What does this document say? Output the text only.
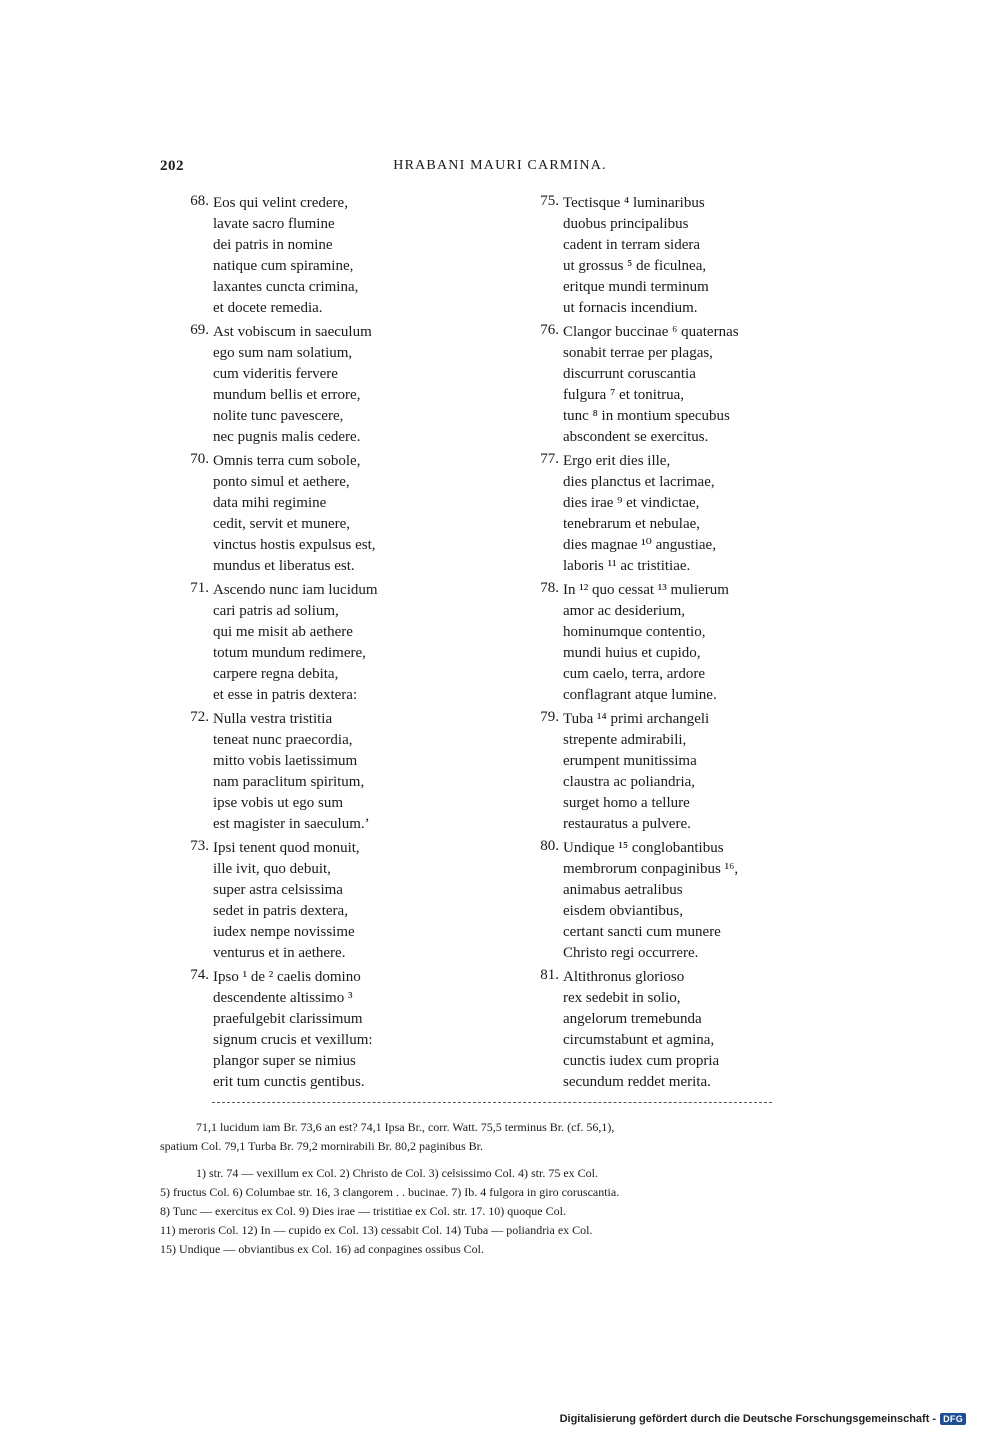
202	HRABANI MAURI CARMINA.
68. Eos qui velint credere,
lavate sacro flumine
dei patris in nomine
natique cum spiramine,
laxantes cuncta crimina,
et docete remedia.
69. Ast vobiscum in saeculum
ego sum nam solatium,
cum videritis fervere
mundum bellis et errore,
nolite tunc pavescere,
nec pugnis malis cedere.
70. Omnis terra cum sobole,
ponto simul et aethere,
data mihi regimine
cedit, servit et munere,
vinctus hostis expulsus est,
mundus et liberatus est.
71. Ascendo nunc iam lucidum
cari patris ad solium,
qui me misit ab aethere
totum mundum redimere,
carpere regna debita,
et esse in patris dextera:
72. Nulla vestra tristitia
teneat nunc praecordia,
mitto vobis laetissimum
nam paraclitum spiritum,
ipse vobis ut ego sum
est magister in saeculum.’
73. Ipsi tenent quod monuit,
ille ivit, quo debuit,
super astra celsissima
sedet in patris dextera,
iudex nempe novissime
venturus et in aethere.
74. Ipso ¹ de ² caelis domino
descendente altissimo ³
praefulgebit clarissimum
signum crucis et vexillum:
plangor super se nimius
erit tum cunctis gentibus.
75. Tectisque ⁴ luminaribus
duobus principalibus
cadent in terram sidera
ut grossus ⁵ de ficulnea,
eritque mundi terminum
ut fornacis incendium.
76. Clangor buccinae ⁶ quaternas
sonabit terrae per plagas,
discurrunt coruscantia
fulgura ⁷ et tonitrua,
tunc ⁸ in montium specubus
abscondent se exercitus.
77. Ergo erit dies ille,
dies planctus et lacrimae,
dies irae ⁹ et vindictae,
tenebrarum et nebulae,
dies magnae ¹⁰ angustiae,
laboris ¹¹ ac tristitiae.
78. In ¹² quo cessat ¹³ mulierum
amor ac desiderium,
hominumque contentio,
mundi huius et cupido,
cum caelo, terra, ardore
conflagrant atque lumine.
79. Tuba ¹⁴ primi archangeli
strepente admirabili,
erumpent munitissima
claustra ac poliandria,
surget homo a tellure
restauratus a pulvere.
80. Undique ¹⁵ conglobantibus
membrorum conpaginibus ¹⁶,
animabus aetralibus
eisdem obviantibus,
certant sancti cum munere
Christo regi occurrere.
81. Altithronus glorioso
rex sedebit in solio,
angelorum tremebunda
circumstabunt et agmina,
cunctis iudex cum propria
secundum reddet merita.

71,1 lucidum iam Br. 73,6 an est? 74,1 Ipsa Br., corr. Watt. 75,5 terminus Br. (cf. 56,1),

spatium Col. 79,1 Turba Br. 79,2 mornirabili Br. 80,2 paginibus Br.

1) str. 74 — vexillum ex Col. 2) Christo de Col. 3) celsissimo Col. 4) str. 75 ex Col.

5) fructus Col. 6) Columbae str. 16, 3 clangorem . . bucinae. 7) Ib. 4 fulgora in giro coruscantia.

8) Tunc — exercitus ex Col. 9) Dies irae — tristitiae ex Col. str. 17. 10) quoque Col.

11) meroris Col. 12) In — cupido ex Col. 13) cessabit Col. 14) Tuba — poliandria ex Col.

15) Undique — obviantibus ex Col. 16) ad conpagines ossibus Col.

Digitalisierung gefördert durch die Deutsche Forschungsgemeinschaft - DFG
